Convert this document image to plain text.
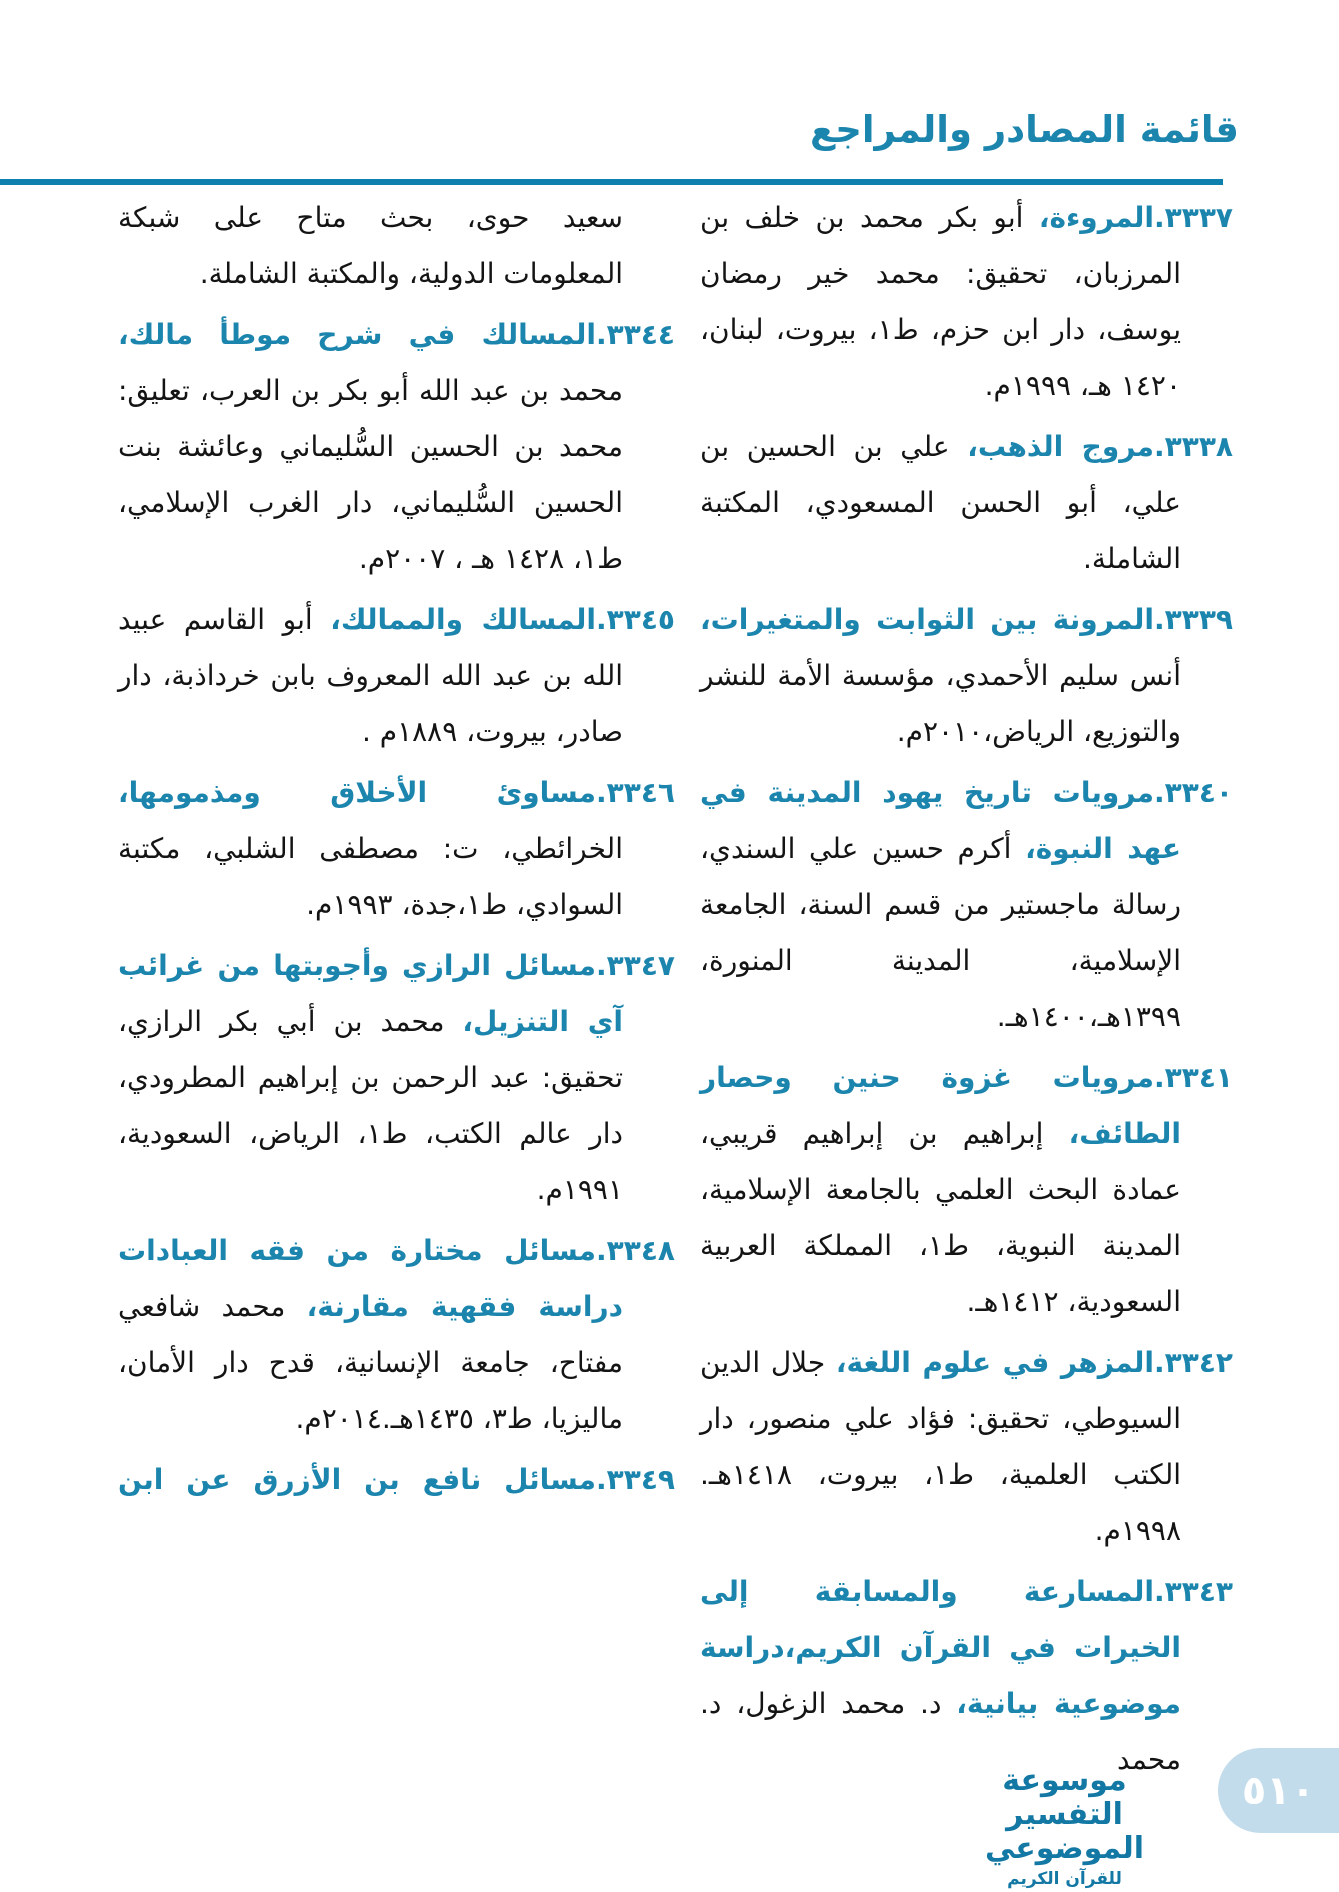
قائمة المصادر والمراجع

٣٣٣٧.المروءة، أبو بكر محمد بن خلف بن المرزبان، تحقيق: محمد خير رمضان يوسف، دار ابن حزم، ط١، بيروت، لبنان، ١٤٢٠ هـ، ١٩٩٩م.

٣٣٣٨.مروج الذهب، علي بن الحسين بن علي، أبو الحسن المسعودي، المكتبة الشاملة.

٣٣٣٩.المرونة بين الثوابت والمتغيرات، أنس سليم الأحمدي، مؤسسة الأمة للنشر والتوزيع، الرياض،٢٠١٠م.

٣٣٤٠.مرويات تاريخ يهود المدينة في عهد النبوة، أكرم حسين علي السندي، رسالة ماجستير من قسم السنة، الجامعة الإسلامية، المدينة المنورة، ١٣٩٩هـ،١٤٠٠هـ.

٣٣٤١.مرويات غزوة حنين وحصار الطائف، إبراهيم بن إبراهيم قريبي، عمادة البحث العلمي بالجامعة الإسلامية، المدينة النبوية، ط١، المملكة العربية السعودية، ١٤١٢هـ.

٣٣٤٢.المزهر في علوم اللغة، جلال الدين السيوطي، تحقيق: فؤاد علي منصور، دار الكتب العلمية، ط١، بيروت، ١٤١٨هـ. ١٩٩٨م.

٣٣٤٣.المسارعة والمسابقة إلى الخيرات في القرآن الكريم،دراسة موضوعية بيانية، د. محمد الزغول، د. محمد

سعيد حوى، بحث متاح على شبكة المعلومات الدولية، والمكتبة الشاملة.

٣٣٤٤.المسالك في شرح موطأ مالك، محمد بن عبد الله أبو بكر بن العرب، تعليق: محمد بن الحسين السُّليماني وعائشة بنت الحسين السُّليماني، دار الغرب الإسلامي، ط١، ١٤٢٨ هـ ، ٢٠٠٧م.

٣٣٤٥.المسالك والممالك، أبو القاسم عبيد الله بن عبد الله المعروف بابن خرداذبة، دار صادر، بيروت، ١٨٨٩م .

٣٣٤٦.مساوئ الأخلاق ومذمومها، الخرائطي، ت: مصطفى الشلبي، مكتبة السوادي، ط١،جدة، ١٩٩٣م.

٣٣٤٧.مسائل الرازي وأجوبتها من غرائب آي التنزيل، محمد بن أبي بكر الرازي، تحقيق: عبد الرحمن بن إبراهيم المطرودي، دار عالم الكتب، ط١، الرياض، السعودية، ١٩٩١م.

٣٣٤٨.مسائل مختارة من فقه العبادات دراسة فقهية مقارنة، محمد شافعي مفتاح، جامعة الإنسانية، قدح دار الأمان، ماليزيا، ط٣، ١٤٣٥هـ.٢٠١٤م.

٣٣٤٩.مسائل نافع بن الأزرق عن ابن

موسوعة التفسير الموضوعي
للقرآن الكريم
٥١٠
